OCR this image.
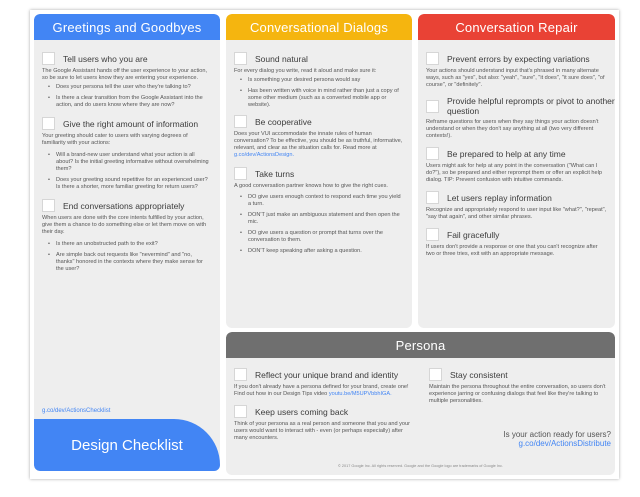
Greetings and Goodbyes
Tell users who you are

The Google Assistant hands off the user experience to your action, so be sure to let users know they are entering your experience.

• Does your persona tell the user who they're talking to?
• Is there a clear transition from the Google Assistant into the action, and do users know where they are now?
Give the right amount of information

Your greeting should cater to users with varying degrees of familiarity with your actions:

• Will a brand-new user understand what your action is all about? Is the initial greeting informative without overwhelming them?
• Does your greeting sound repetitive for an experienced user? Is there a shorter, more familiar greeting for return users?
End conversations appropriately

When users are done with the core intents fulfilled by your action, give them a chance to do something else or let them move on with their day.

• Is there an unobstructed path to the exit?
• Are simple back out requests like "nevermind" and "no, thanks" honored in the contexts where they make sense for the user?
g.co/dev/ActionsChecklist
Design Checklist
Conversational Dialogs
Sound natural

For every dialog you write, read it aloud and make sure it:

• Is something your desired persona would say
• Has been written with voice in mind rather than just a copy of some other medium (such as a converted mobile app or website).
Be cooperative

Does your VUI accommodate the innate rules of human conversation? To be effective, you should be as truthful, informative, relevant, and clear as the situation calls for. Read more at g.co/dev/ActionsDesign.

Take turns

A good conversation partner knows how to give the right cues.

• DO give users enough context to respond each time you yield a turn.
• DON'T just make an ambiguous statement and then open the mic.
• DO give users a question or prompt that turns over the conversation to them.
• DON'T keep speaking after asking a question.
Conversation Repair
Prevent errors by expecting variations

Your actions should understand input that's phrased in many alternate ways, such as "yes", but also: "yeah", "sure", "it does", "it sure does", "of course", or "definitely".

Provide helpful reprompts or pivot to another question

Reframe questions for users when they say things your action doesn't understand or when they don't say anything at all (two very different contexts!).

Be prepared to help at any time

Users might ask for help at any point in the conversation ("What can I do?"), so be prepared and either reprompt them or offer an explicit help dialog. TIP: Prevent confusion with intuitive commands.

Let users replay information

Recognize and appropriately respond to user input like "what?", "repeat", "say that again", and other similar phrases.

Fail gracefully

If users don't provide a response or one that you can't recognize after two or three tries, exit with an appropriate message.

Persona
Reflect your unique brand and identity

If you don't already have a persona defined for your brand, create one! Find out how in our Design Tips video youtu.be/M5UPVbbhIGA.

Keep users coming back

Think of your persona as a real person and someone that you and your users would want to interact with - even (or perhaps especially) after many encounters.

Stay consistent

Maintain the persona throughout the entire conversation, so users don't experience jarring or confusing dialogs that feel like they're talking to multiple personalities.

Is your action ready for users?
g.co/dev/ActionsDistribute
© 2017 Google Inc. All rights reserved. Google and the Google logo are trademarks of Google Inc.
